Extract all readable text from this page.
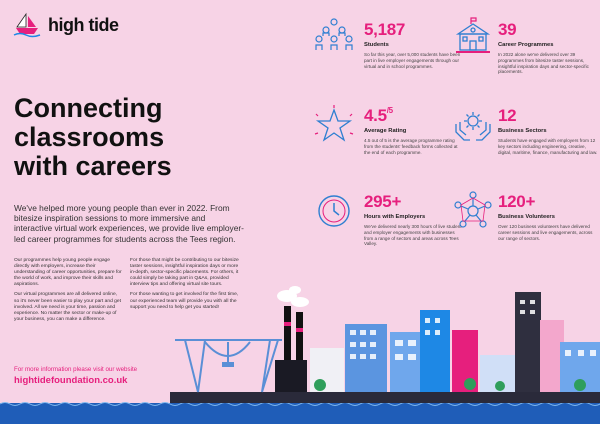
high tide
Connecting
classrooms
with careers
We've helped more young people than ever in 2022. From bitesize inspiration sessions to more immersive and interactive virtual work experiences, we provide live employer-led career programmes for students across the Tees region.

Our programmes help young people engage directly with employers, increase their understanding of career opportunities, prepare for the world of work, and improve their skills and aspirations.

Our virtual programmes are all delivered online, so it's never been easier to play your part and get involved. All we need is your time, passion and experience. No matter the sector or make-up of your business, you can make a difference.

For those that might be contributing to our bitesize taster sessions, insightful inspiration days or more in-depth, sector-specific placements. For others, it could simply be taking part in Q&As, provided interview tips and offering virtual site tours.

For those wanting to get involved for the first time, our experienced team will provide you with all the support you need to help get you started!

5,187
Students
So far this year, over 5,000 students have been part in live employer engagements through our virtual and in school programmes.
39
Career Programmes
In 2022 alone we've delivered over 39 programmes from bitesize taster sessions, insightful inspiration days and sector-specific placements.
$4.5^{/5}$
Average Rating
4.5 out of 5 is the average programme rating from the students' feedback forms collected at the end of each programme.
12
Business Sectors
Students have engaged with employers from 12 key sectors including engineering, creative, digital, maritime, finance, manufacturing and law.
295+
Hours with Employers
We've delivered nearly 300 hours of live student and employer engagements with businesses from a range of sectors and areas across Tees Valley.
120+
Business Volunteers
Over 120 business volunteers have delivered career sessions and live engagements, across our range of sectors.
For more information please visit our website
hightidefoundation.co.uk
